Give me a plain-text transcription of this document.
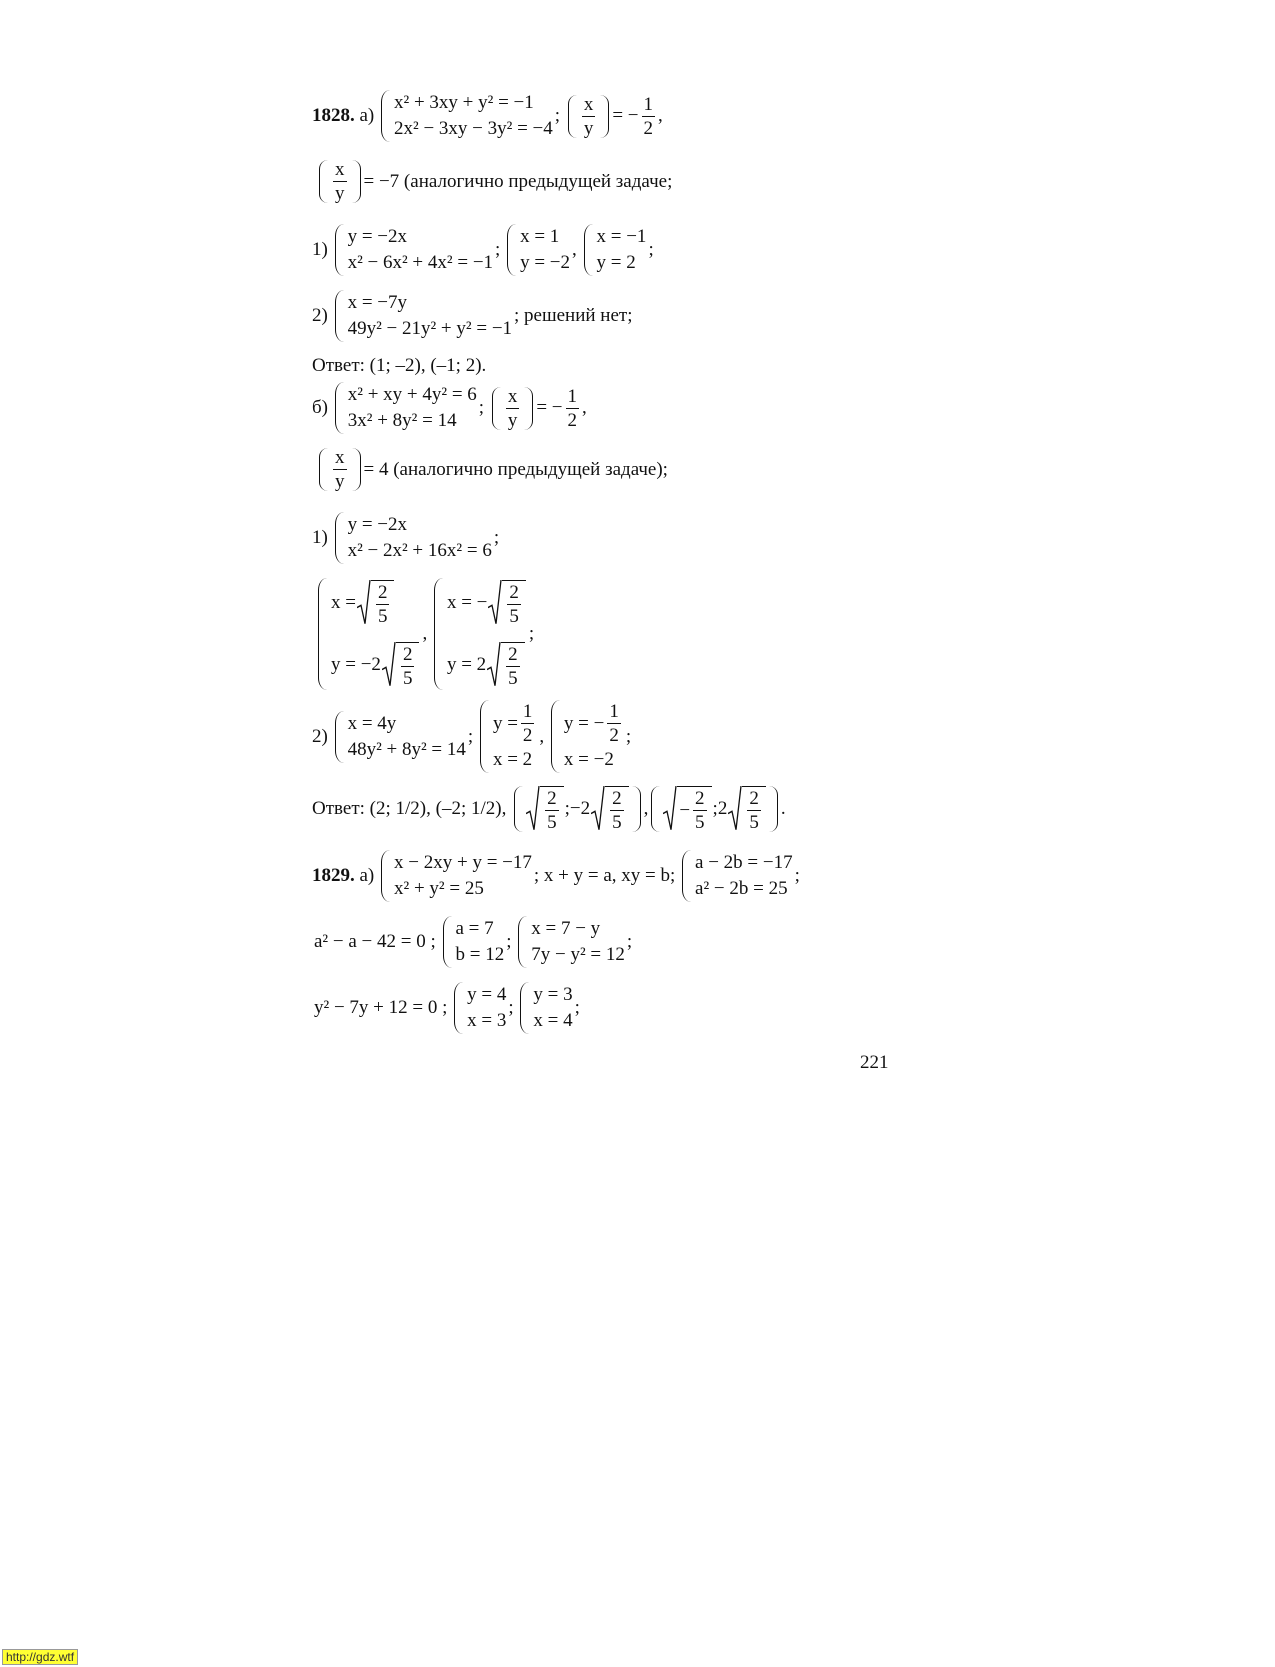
1828.
а)

x² + 3xy + y² = −1
2x² − 3xy − 3y² = −4
;
$\frac{x}{y}$ = − $\frac{1}{2}$ ,
$\frac{x}{y} = -7$ (аналогично предыдущей задаче;
1)

y = −2x
x² − 6x² + 4x² = −1
;

x = 1
y = −2
,

x = −1
y = 2
;
2)

x = −7y
49y² − 21y² + y² = −1
; решений нет;
Ответ: (1; –2), (–1; 2).
б)

x² + xy + 4y² = 6
3x² + 8y² = 14
;
$\frac{x}{y}$ = − $\frac{1}{2}$ ,
$\frac{x}{y} = 4$ (аналогично предыдущей задаче);
1)

y = −2x
x² − 2x² + 16x² = 6
;
$x = \frac{2}{5}$
$y = -2 \frac{2}{5}$
,

x = − $\frac{2}{5}$
$y = 2 \frac{2}{5}$
;
2)

x = 4y
48y² + 8y² = 14
;

$y = \frac{1}{2}$
x = 2
,

y = − $\frac{1}{2}$
x = −2
;
Ответ: (2; 1/2), (–2; 1/2),
$\frac{2}{5}$ ; $-2 \frac{2}{5}$ , − $\frac{2}{5}$ ; $2 \frac{2}{5}$ .
1829.
а)

x − 2xy + y = −17
x² + y² = 25
; x + y = a, xy = b;

a − 2b = −17
a² − 2b = 25
;
a² − a − 42 = 0 ;

a = 7
b = 12
;

x = 7 − y
7y − y² = 12
;
y² − 7y + 12 = 0 ;

y = 4
x = 3
;

y = 3
x = 4
;
221
http://gdz.wtf
